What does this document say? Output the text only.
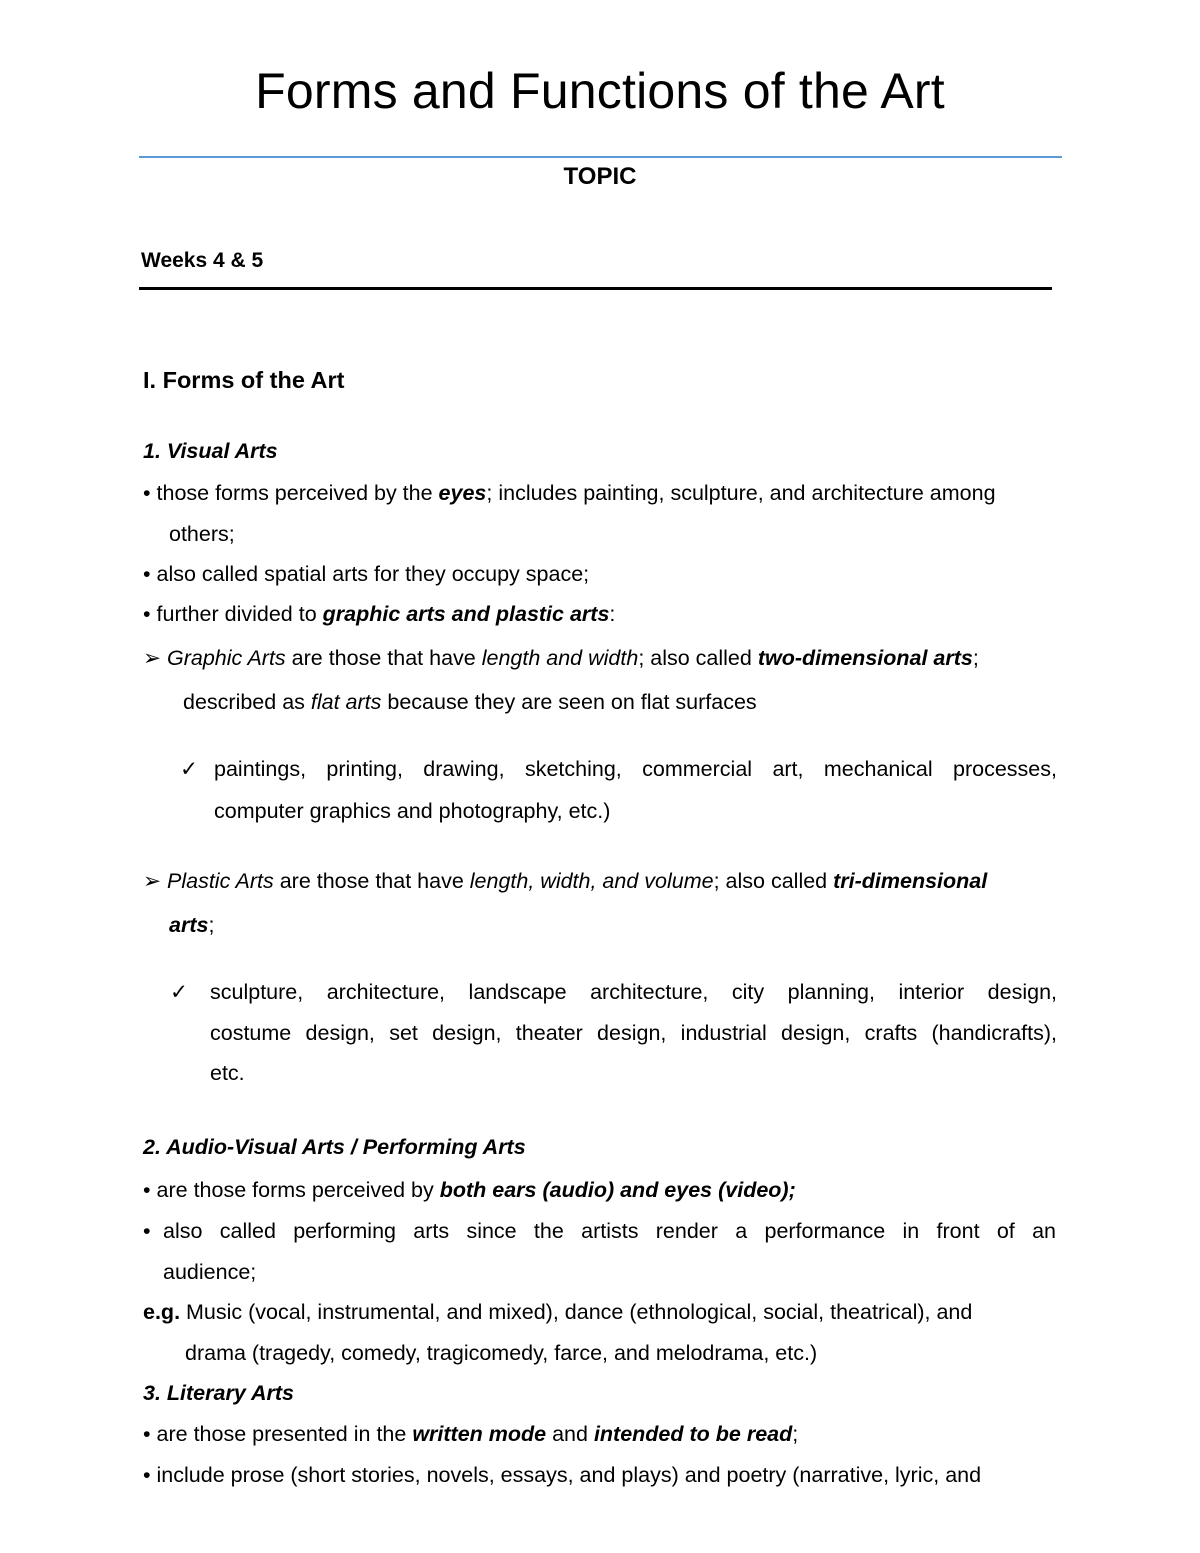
Forms and Functions of the Art
TOPIC
Weeks 4 & 5
I. Forms of the Art
1. Visual Arts
• those forms perceived by the eyes; includes painting, sculpture, and architecture among
others;
• also called spatial arts for they occupy space;
• further divided to graphic arts and plastic arts:
➢ Graphic Arts are those that have length and width; also called two-dimensional arts;
described as flat arts because they are seen on flat surfaces
✓ paintings, printing, drawing, sketching, commercial art, mechanical processes,
computer graphics and photography, etc.)
➢ Plastic Arts are those that have length, width, and volume; also called tri-dimensional
arts;
✓ sculpture, architecture, landscape architecture, city planning, interior design,
costume design, set design, theater design, industrial design, crafts (handicrafts),
etc.
2. Audio-Visual Arts / Performing Arts
• are those forms perceived by both ears (audio) and eyes (video);
• also called performing arts since the artists render a performance in front of an
audience;
e.g. Music (vocal, instrumental, and mixed), dance (ethnological, social, theatrical), and
drama (tragedy, comedy, tragicomedy, farce, and melodrama, etc.)
3. Literary Arts
• are those presented in the written mode and intended to be read;
• include prose (short stories, novels, essays, and plays) and poetry (narrative, lyric, and
